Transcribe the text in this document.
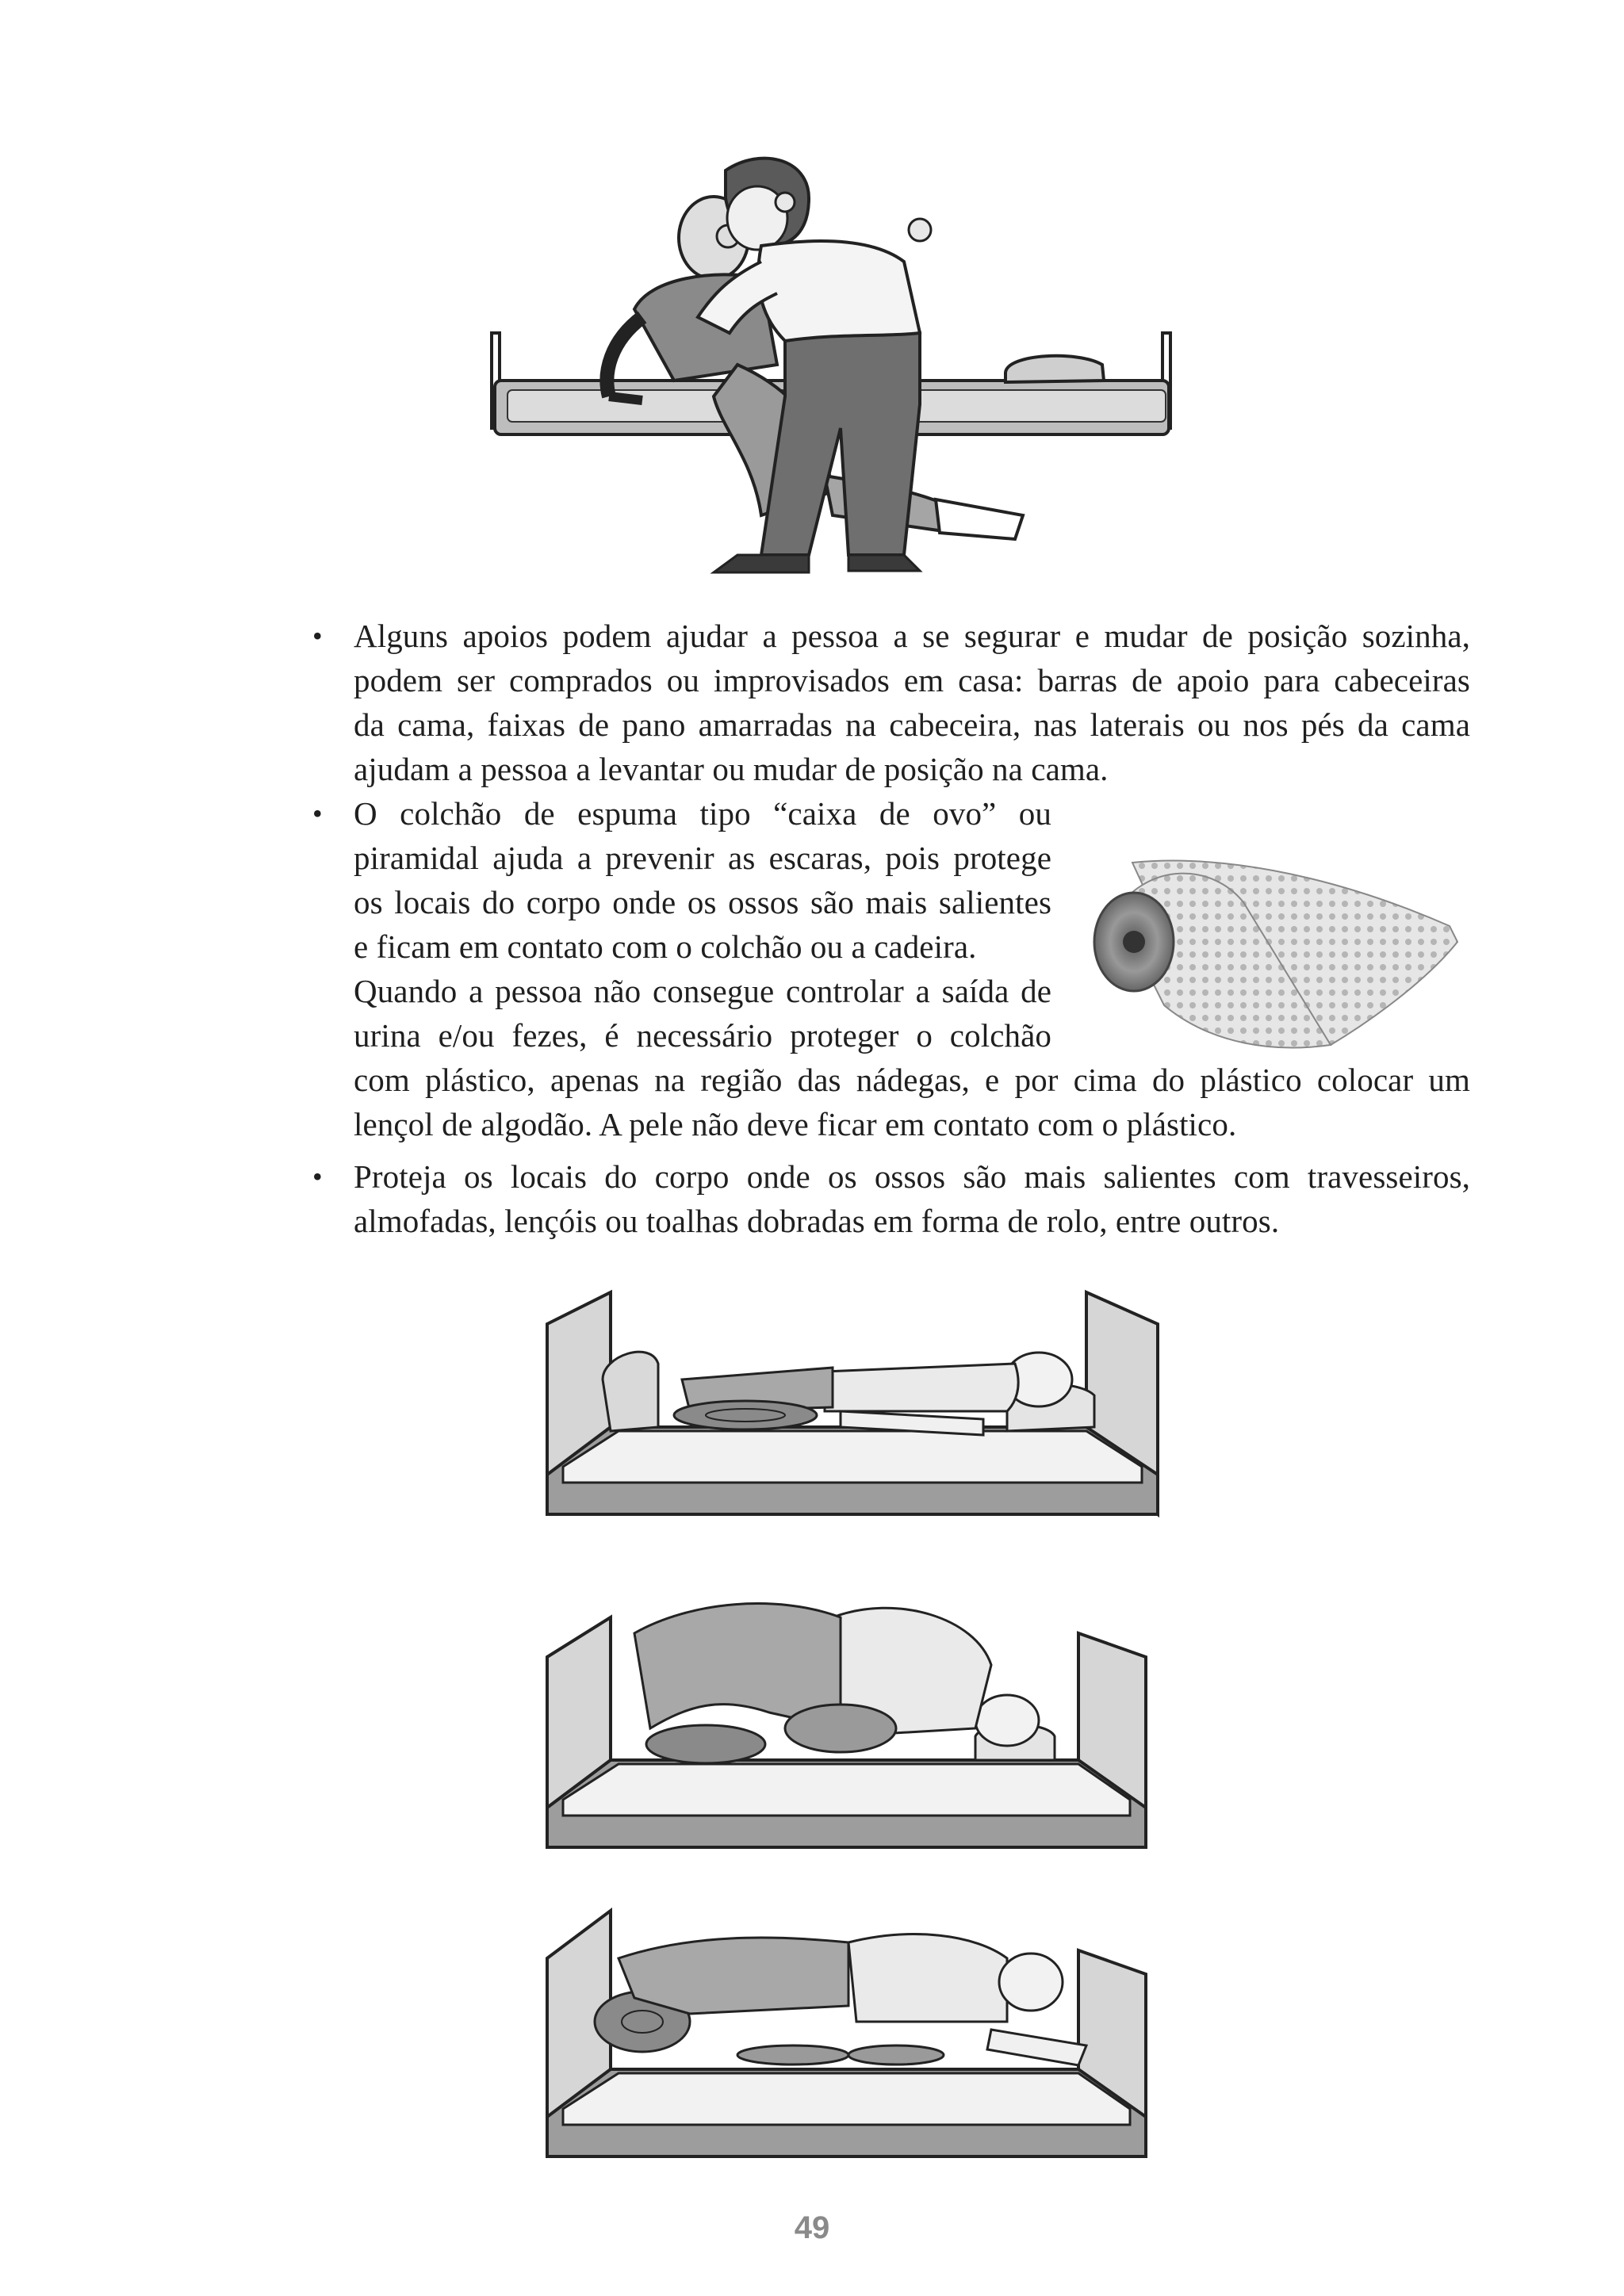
• Alguns apoios podem ajudar a pessoa a se segurar e mudar de posição sozinha,
podem ser comprados ou improvisados em casa: barras de apoio para cabeceiras
da cama, faixas de pano amarradas na cabeceira, nas laterais ou nos pés da cama
ajudam a pessoa a levantar ou mudar de posição na cama.
• O colchão de espuma tipo “caixa de ovo” ou
piramidal ajuda a prevenir as escaras, pois protege
os locais do corpo onde os ossos são mais salientes
e ficam em contato com o colchão ou a cadeira.
Quando a pessoa não consegue controlar a saída de
urina e/ou fezes, é necessário proteger o colchão
com plástico, apenas na região das nádegas, e por cima do plástico colocar um
lençol de algodão. A pele não deve ficar em contato com o plástico.
• Proteja os locais do corpo onde os ossos são mais salientes com travesseiros,
almofadas, lençóis ou toalhas dobradas em forma de rolo, entre outros.
49
